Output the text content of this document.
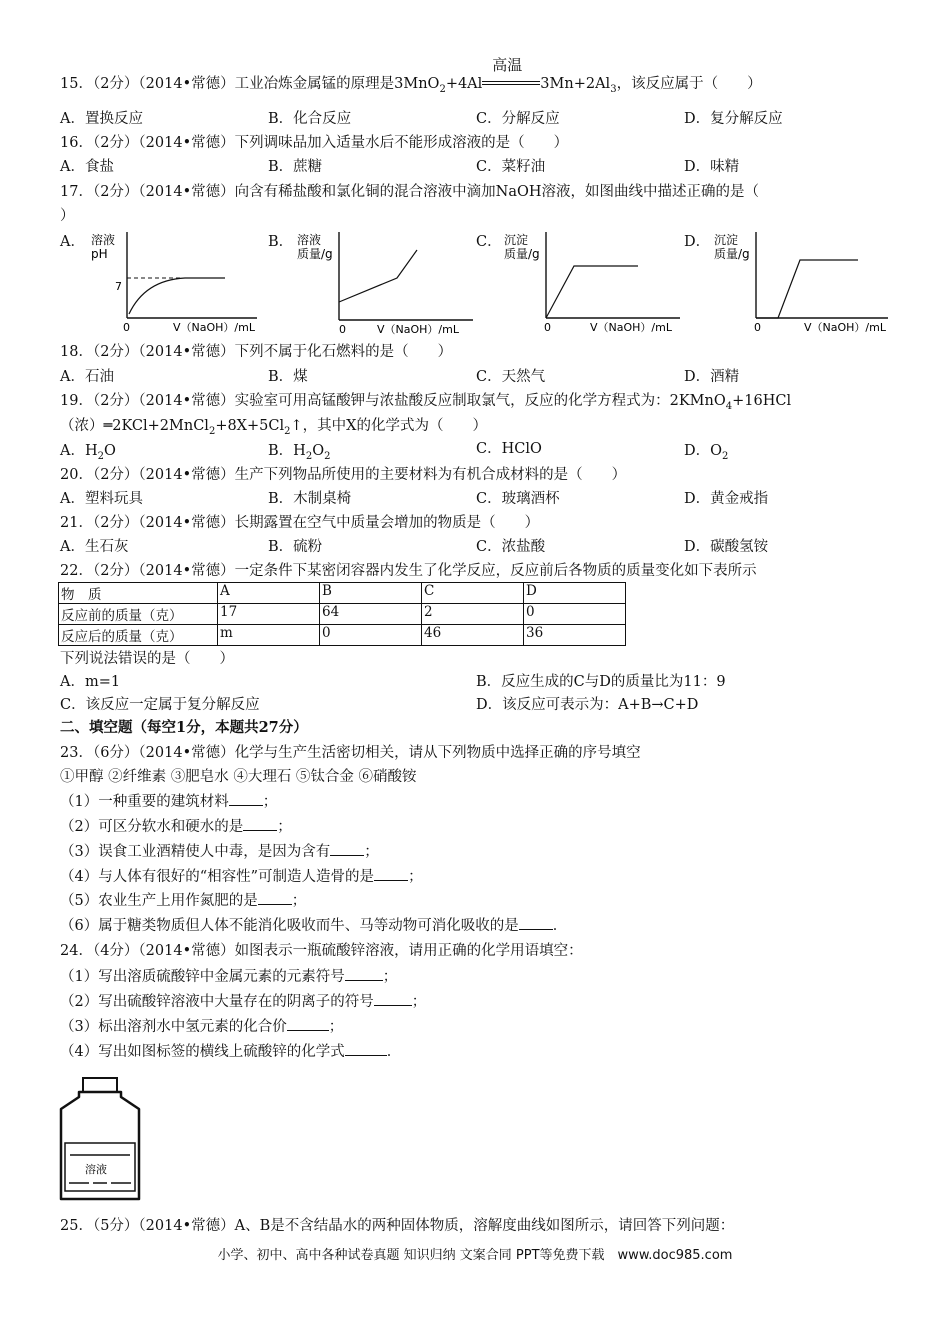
15．（2分）（2014•常德）工业冶炼金属锰的原理是3MnO$_2$+4Al
高温
$3Mn+2Al_3$，该反应属于（　　）
A．置换反应	B．化合反应	C．分解反应	D．复分解反应
16．（2分）（2014•常德）下列调味品加入适量水后不能形成溶液的是（　　）
A．食盐	B．蔗糖	C．菜籽油	D．味精
17．（2分）（2014•常德）向含有稀盐酸和氯化铜的混合溶液中滴加NaOH溶液，如图曲线中描述正确的是（
）
A．	B．	C．	D．
溶液
pH
7
0	V（NaOH）/mL
溶液
质量/g
0	V（NaOH）/mL
沉淀
质量/g
0	V（NaOH）/mL
沉淀
质量/g
0	V（NaOH）/mL
18．（2分）（2014•常德）下列不属于化石燃料的是（　　）
A．石油	B．煤	C．天然气	D．酒精
19．（2分）（2014•常德）实验室可用高锰酸钾与浓盐酸反应制取氯气，反应的化学方程式为：2KMnO$_4$+16HCl
（浓）$═2KCl+2MnCl_2+8X+5Cl_2↑$，其中X的化学式为（　　）
A．$H_2O$	B．$H_2O_2$	C．HClO	D．$O_2$
20．（2分）（2014•常德）生产下列物品所使用的主要材料为有机合成材料的是（　　）
A．塑料玩具	B．木制桌椅	C．玻璃酒杯	D．黄金戒指
21．（2分）（2014•常德）长期露置在空气中质量会增加的物质是（　　）
A．生石灰	B．硫粉	C．浓盐酸	D．碳酸氢铵
22．（2分）（2014•常德）一定条件下某密闭容器内发生了化学反应，反应前后各物质的质量变化如下表所示
物　质	A	B	C	D
反应前的质量（克）	17	64	2	0
反应后的质量（克）	m	0	46	36
下列说法错误的是（　　）
A．m=1	B．反应生成的C与D的质量比为11：9
C．该反应一定属于复分解反应	D．该反应可表示为：A+B→C+D
二、填空题（每空1分，本题共27分）
23．（6分）（2014•常德）化学与生产生活密切相关，请从下列物质中选择正确的序号填空
①甲醇 ②纤维素 ③肥皂水 ④大理石 ⑤钛合金 ⑥硝酸铵
（1）一种重要的建筑材料 ；
（2）可区分软水和硬水的是 ；
（3）误食工业酒精使人中毒，是因为含有 ；
（4）与人体有很好的“相容性”可制造人造骨的是 ；
（5）农业生产上用作氮肥的是 ；
（6）属于糖类物质但人体不能消化吸收而牛、马等动物可消化吸收的是 ．
24．（4分）（2014•常德）如图表示一瓶硫酸锌溶液，请用正确的化学用语填空：
（1）写出溶质硫酸锌中金属元素的元素符号	；
（2）写出硫酸锌溶液中大量存在的阴离子的符号	；
（3）标出溶剂水中氢元素的化合价	；
（4）写出如图标签的横线上硫酸锌的化学式	．
溶液
25．（5分）（2014•常德）A、B是不含结晶水的两种固体物质，溶解度曲线如图所示，请回答下列问题：
小学、初中、高中各种试卷真题 知识归纳 文案合同 PPT等免费下载　www.doc985.com
